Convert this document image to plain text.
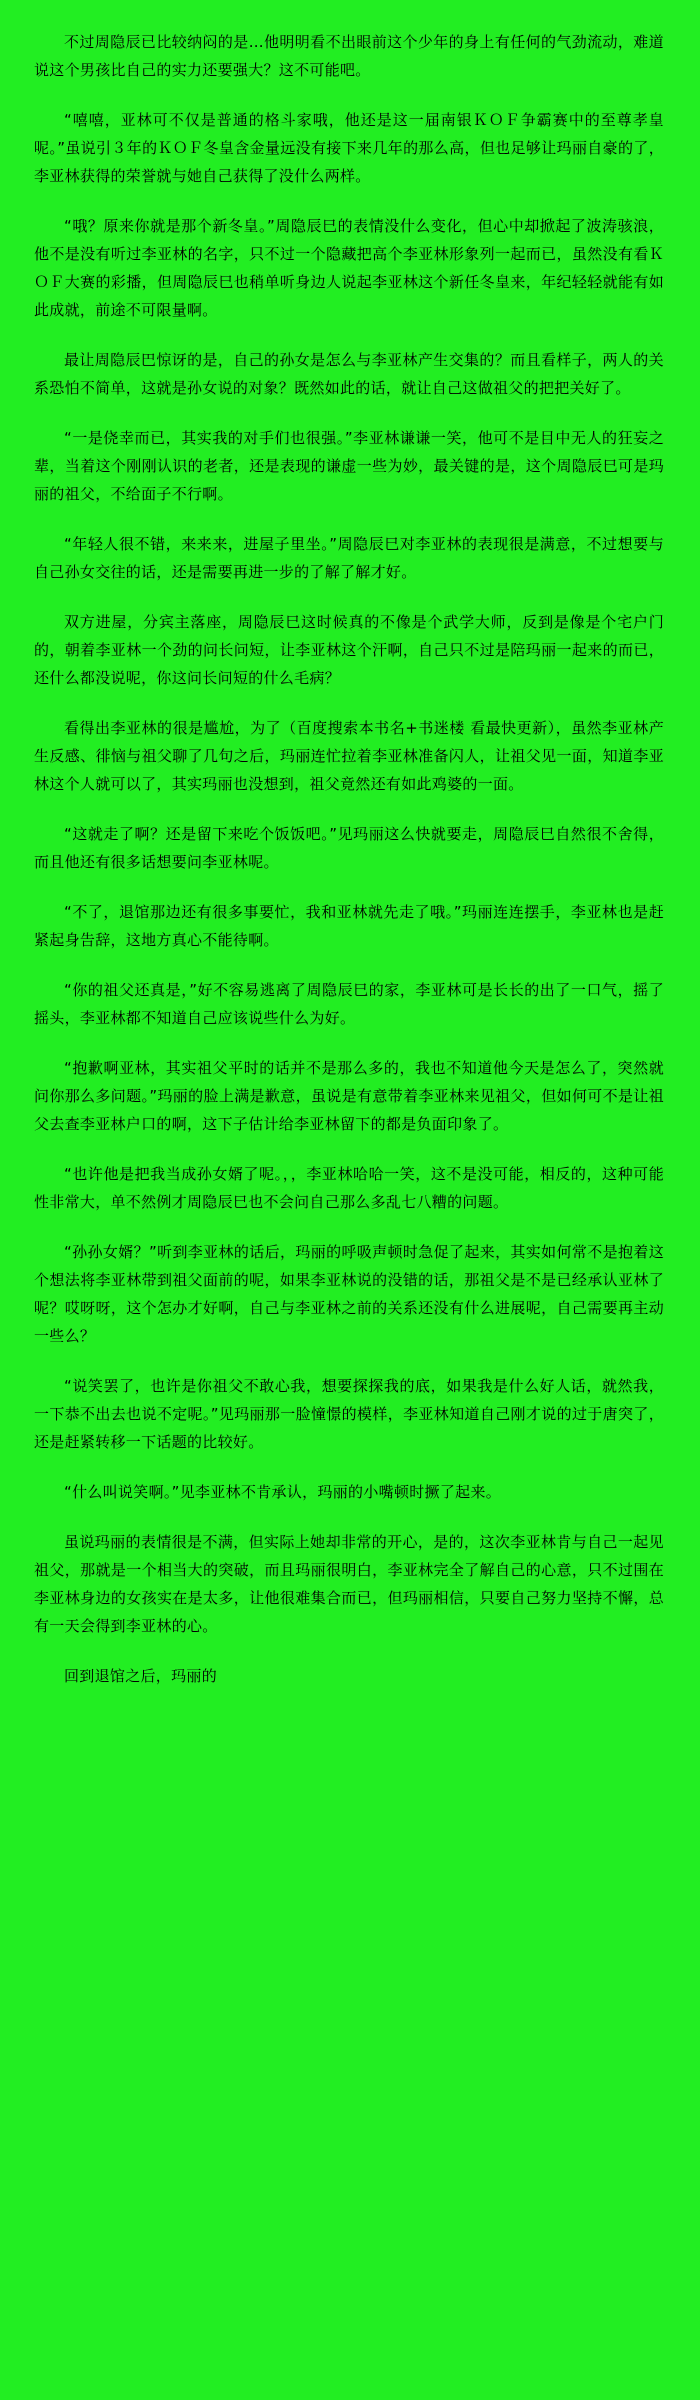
不过周隐辰已比较纳闷的是…他明明看不出眼前这个少年的身上有任何的气劲流动，难道说这个男孩比自己的实力还要强大？这不可能吧。

“嘻嘻，亚林可不仅是普通的格斗家哦，他还是这一届南银ＫＯＦ争霸赛中的至尊孝皇呢。”虽说引３年的ＫＯＦ冬皇含金量远没有接下来几年的那么高，但也足够让玛丽自豪的了，李亚林获得的荣誉就与她自己获得了没什么两样。

“哦？原来你就是那个新冬皇。”周隐辰巳的表情没什么变化，但心中却掀起了波涛骇浪，他不是没有听过李亚林的名字，只不过一个隐藏把高个李亚林形象列一起而已，虽然没有看ＫＯＦ大赛的彩播，但周隐辰巳也稍单听身边人说起李亚林这个新任冬皇来，年纪轻轻就能有如此成就，前途不可限量啊。

最让周隐辰巴惊讶的是，自己的孙女是怎么与李亚林产生交集的？而且看样子，两人的关系恐怕不简单，这就是孙女说的对象？既然如此的话，就让自己这做祖父的把把关好了。

“一是侥幸而已，其实我的对手们也很强。”李亚林谦谦一笑，他可不是目中无人的狂妄之辈，当着这个刚刚认识的老者，还是表现的谦虚一些为妙，最关键的是，这个周隐辰巳可是玛丽的祖父，不给面子不行啊。

“年轻人很不错，来来来，进屋子里坐。”周隐辰巳对李亚林的表现很是满意，不过想要与自己孙女交往的话，还是需要再进一步的了解了解才好。

双方进屋，分宾主落座，周隐辰巳这时候真的不像是个武学大师，反到是像是个宅户门的，朝着李亚林一个劲的问长问短，让李亚林这个汗啊，自己只不过是陪玛丽一起来的而已，还什么都没说呢，你这问长问短的什么毛病？

看得出李亚林的很是尴尬，为了（百度搜索本书名+书迷楼 看最快更新），虽然李亚林产生反感、徘恼与祖父聊了几句之后，玛丽连忙拉着李亚林准备闪人，让祖父见一面，知道李亚林这个人就可以了，其实玛丽也没想到，祖父竟然还有如此鸡婆的一面。

“这就走了啊？还是留下来吃个饭饭吧。”见玛丽这么快就要走，周隐辰巳自然很不舍得，而且他还有很多话想要问李亚林呢。

“不了，退馆那边还有很多事要忙，我和亚林就先走了哦。”玛丽连连摆手，李亚林也是赶紧起身告辞，这地方真心不能待啊。

“你的祖父还真是，”好不容易逃离了周隐辰巳的家，李亚林可是长长的出了一口气，摇了摇头，李亚林都不知道自己应该说些什么为好。

“抱歉啊亚林，其实祖父平时的话并不是那么多的，我也不知道他今天是怎么了，突然就问你那么多问题。”玛丽的脸上满是歉意，虽说是有意带着李亚林来见祖父，但如何可不是让祖父去查李亚林户口的啊，这下子估计给李亚林留下的都是负面印象了。

“也许他是把我当成孙女婿了呢。，，李亚林哈哈一笑，这不是没可能，相反的，这种可能性非常大，单不然例才周隐辰巳也不会问自己那么多乱七八糟的问题。

“孙孙女婿？”听到李亚林的话后，玛丽的呼吸声顿时急促了起来，其实如何常不是抱着这个想法将李亚林带到祖父面前的呢，如果李亚林说的没错的话，那祖父是不是已经承认亚林了呢？哎呀呀，这个怎办才好啊，自己与李亚林之前的关系还没有什么进展呢，自己需要再主动一些么？

“说笑罢了，也许是你祖父不敢心我，想要探探我的底，如果我是什么好人话，就然我，一下恭不出去也说不定呢。”见玛丽那一脸憧憬的模样，李亚林知道自己刚才说的过于唐突了，还是赶紧转移一下话题的比较好。

“什么叫说笑啊。”见李亚林不肯承认，玛丽的小嘴顿时撅了起来。

虽说玛丽的表情很是不满，但实际上她却非常的开心，是的，这次李亚林肯与自己一起见祖父，那就是一个相当大的突破，而且玛丽很明白，李亚林完全了解自己的心意，只不过围在李亚林身边的女孩实在是太多，让他很难集合而已，但玛丽相信，只要自己努力坚持不懈，总有一天会得到李亚林的心。

回到退馆之后，玛丽的
